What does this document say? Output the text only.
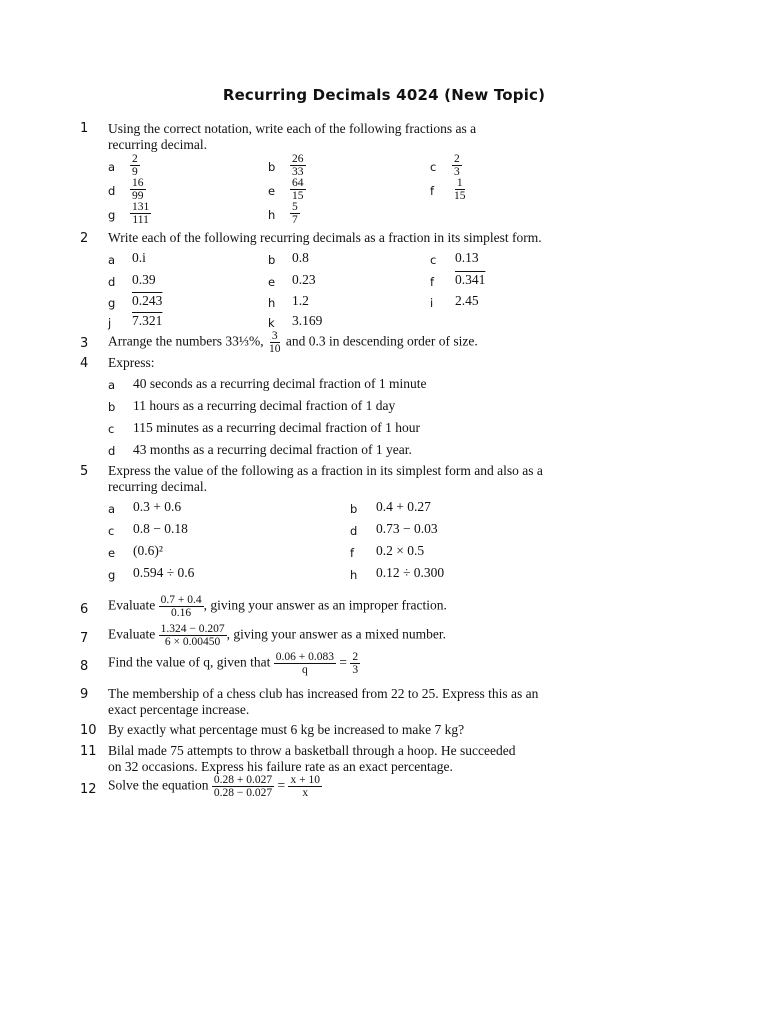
Recurring Decimals 4024 (New Topic)
1	Using the correct notation, write each of the following fractions as a recurring decimal.
a $\frac{2}{9}$	b $\frac{26}{33}$	c $\frac{2}{3}$
d $\frac{16}{99}$	e $\frac{64}{15}$	f $\frac{1}{15}$
g $\frac{131}{111}$	h $\frac{5}{7}$
2	Write each of the following recurring decimals as a fraction in its simplest form.
a 0.i	b 0.8	c 0.13
d 0.39	e 0.23	f 0.341
g 0.243	h 1.2	i 2.45
j 7.321	k 3.169
3	Arrange the numbers 33⅓%, $\frac{3}{10}$ and 0.3 in descending order of size.
4	Express:
a 40 seconds as a recurring decimal fraction of 1 minute
b 11 hours as a recurring decimal fraction of 1 day
c 115 minutes as a recurring decimal fraction of 1 hour
d 43 months as a recurring decimal fraction of 1 year.
5	Express the value of the following as a fraction in its simplest form and also as a recurring decimal.
a 0.3 + 0.6	b 0.4 + 0.27
c 0.8 − 0.18	d 0.73 − 0.03
e (0.6)²	f 0.2 × 0.5
g 0.594 ÷ 0.6	h 0.12 ÷ 0.300
6	Evaluate $\frac{0.7 + 0.4}{0.16}$ , giving your answer as an improper fraction.
7	Evaluate $\frac{1.324 - 0.207}{6 \times 0.00450}$ , giving your answer as a mixed number.
8	Find the value of q, given that $\frac{0.06 + 0.083}{q} = \frac{2}{3}$
9	The membership of a chess club has increased from 22 to 25. Express this as an exact percentage increase.
10 By exactly what percentage must 6 kg be increased to make 7 kg?
11 Bilal made 75 attempts to throw a basketball through a hoop. He succeeded on 32 occasions. Express his failure rate as an exact percentage.
12 Solve the equation $\frac{0.28 + 0.027}{0.28 - 0.027} = \frac{x + 10}{x}$
